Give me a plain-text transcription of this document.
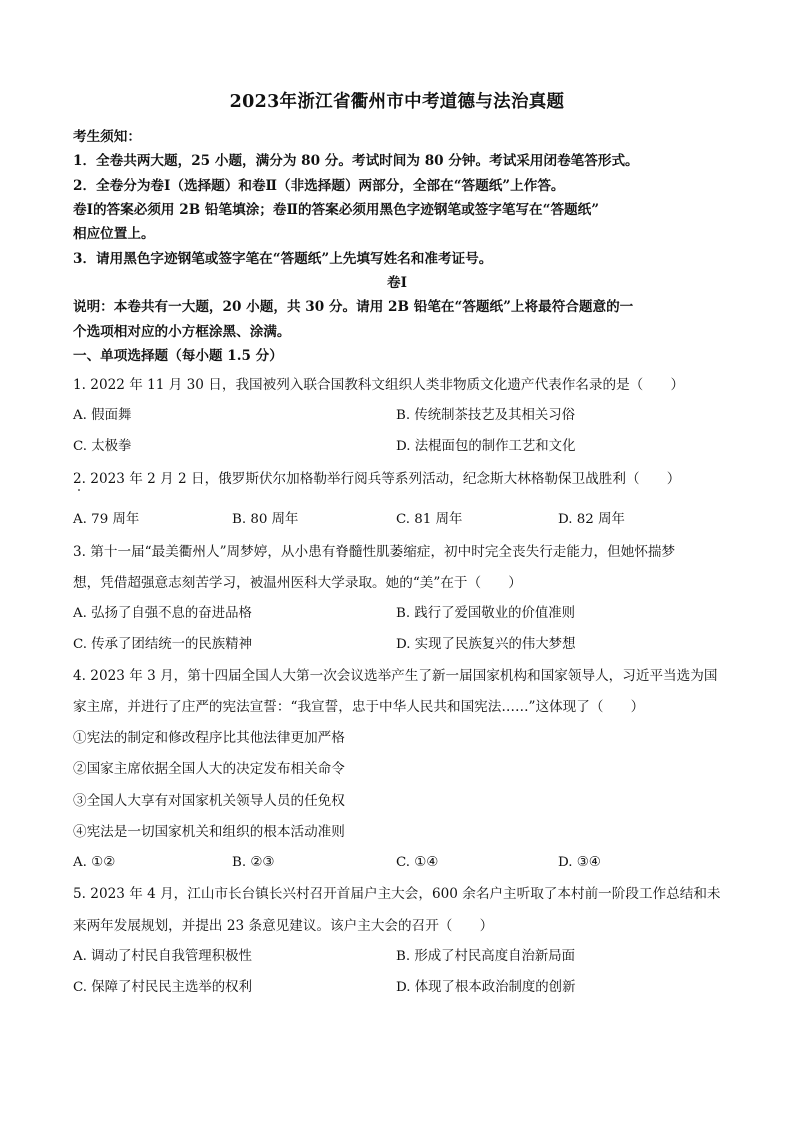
2023年浙江省衢州市中考道德与法治真题
考生须知：
1．全卷共两大题，25 小题，满分为 80 分。考试时间为 80 分钟。考试采用闭卷笔答形式。
2．全卷分为卷Ⅰ（选择题）和卷Ⅱ（非选择题）两部分，全部在“答题纸”上作答。
卷Ⅰ的答案必须用 2B 铅笔填涂；卷Ⅱ的答案必须用黑色字迹钢笔或签字笔写在“答题纸”
相应位置上。
3．请用黑色字迹钢笔或签字笔在“答题纸”上先填写姓名和准考证号。
卷Ⅰ
说明：本卷共有一大题，20 小题，共 30 分。请用 2B 铅笔在“答题纸”上将最符合题意的一
个选项相对应的小方框涂黑、涂满。
一、单项选择题（每小题 1.5 分）
1. 2022 年 11 月 30 日，我国被列入联合国教科文组织人类非物质文化遗产代表作名录的是（　　）
A. 假面舞	B. 传统制茶技艺及其相关习俗
C. 太极拳	D. 法棍面包的制作工艺和文化
2. 2023 年 2 月 2 日，俄罗斯伏尔加格勒举行阅兵等系列活动，纪念斯大林格勒保卫战胜利（　　）
A. 79 周年	B. 80 周年	C. 81 周年	D. 82 周年
3. 第十一届“最美衢州人”周梦婷，从小患有脊髓性肌萎缩症，初中时完全丧失行走能力，但她怀揣梦
想，凭借超强意志刻苦学习，被温州医科大学录取。她的“美”在于（　　）
A. 弘扬了自强不息的奋进品格	B. 践行了爱国敬业的价值准则
C. 传承了团结统一的民族精神	D. 实现了民族复兴的伟大梦想
4. 2023 年 3 月，第十四届全国人大第一次会议选举产生了新一届国家机构和国家领导人，习近平当选为国
家主席，并进行了庄严的宪法宣誓：“我宣誓，忠于中华人民共和国宪法……”这体现了（　　）
①宪法的制定和修改程序比其他法律更加严格
②国家主席依据全国人大的决定发布相关命令
③全国人大享有对国家机关领导人员的任免权
④宪法是一切国家机关和组织的根本活动准则
A. ①②	B. ②③	C. ①④	D. ③④
5. 2023 年 4 月，江山市长台镇长兴村召开首届户主大会，600 余名户主听取了本村前一阶段工作总结和未
来两年发展规划，并提出 23 条意见建议。该户主大会的召开（　　）
A. 调动了村民自我管理积极性	B. 形成了村民高度自治新局面
C. 保障了村民民主选举的权利	D. 体现了根本政治制度的创新
